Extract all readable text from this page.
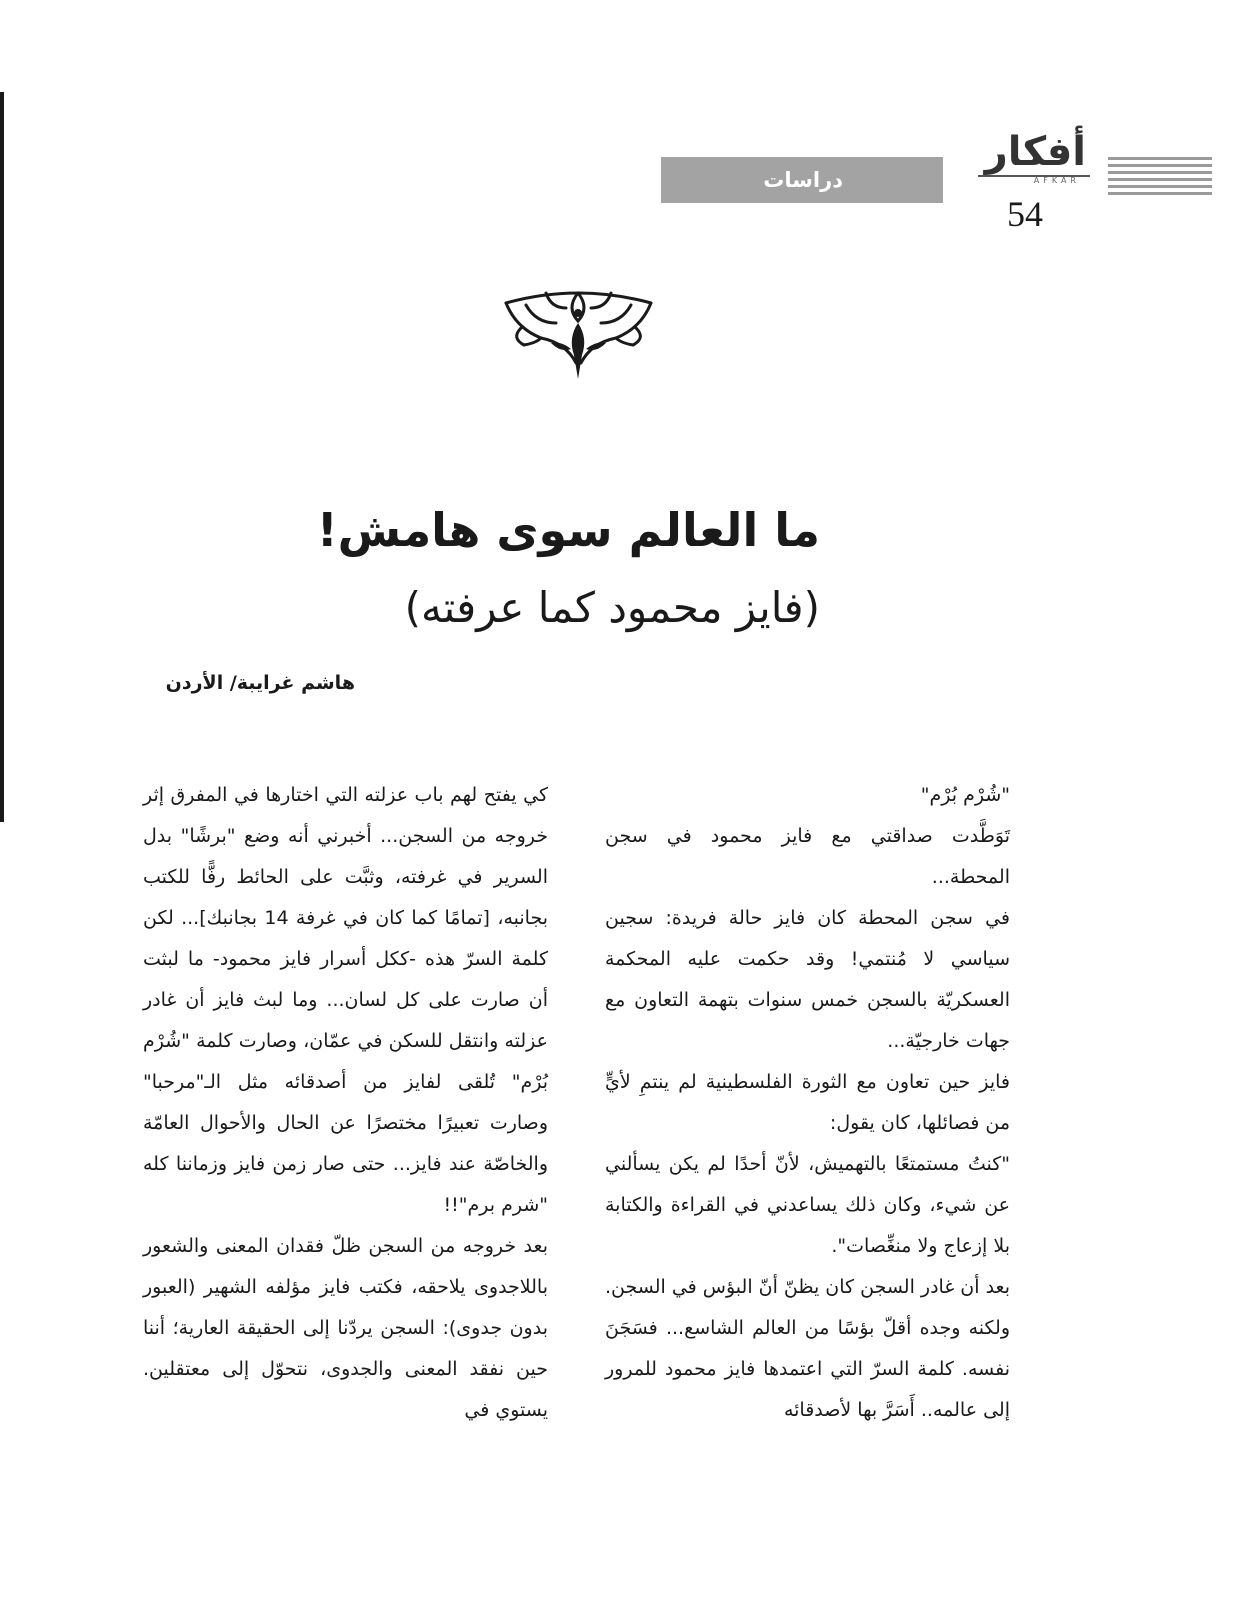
دراسات
أفكار
AFKAR
54
ما العالم سوى هامش!
(فايز محمود كما عرفته)
هاشم غرايبة/ الأردن

"شُرْم بُرْم"

تَوَطَّدت صداقتي مع فايز محمود في سجن المحطة...

في سجن المحطة كان فايز حالة فريدة: سجين سياسي لا مُنتمي! وقد حكمت عليه المحكمة العسكريّة بالسجن خمس سنوات بتهمة التعاون مع جهات خارجيّة...

فايز حين تعاون مع الثورة الفلسطينية لم ينتمِ لأيٍّ من فصائلها، كان يقول:

"كنتُ مستمتعًا بالتهميش، لأنّ أحدًا لم يكن يسألني عن شيء، وكان ذلك يساعدني في القراءة والكتابة بلا إزعاج ولا منغِّصات".

بعد أن غادر السجن كان يظنّ أنّ البؤس في السجن. ولكنه وجده أقلّ بؤسًا من العالم الشاسع... فسَجَنَ نفسه. كلمة السرّ التي اعتمدها فايز محمود للمرور إلى عالمه.. أَسَرَّ بها لأصدقائه

كي يفتح لهم باب عزلته التي اختارها في المفرق إثر خروجه من السجن... أخبرني أنه وضع "برشًا" بدل السرير في غرفته، وثبَّت على الحائط رفًّا للكتب بجانبه، [تمامًا كما كان في غرفة 14 بجانبك]... لكن كلمة السرّ هذه -ككل أسرار فايز محمود- ما لبثت أن صارت على كل لسان... وما لبث فايز أن غادر عزلته وانتقل للسكن في عمّان، وصارت كلمة "شُرْم بُرْم" تُلقى لفايز من أصدقائه مثل الـ"مرحبا" وصارت تعبيرًا مختصرًا عن الحال والأحوال العامّة والخاصّة عند فايز... حتى صار زمن فايز وزماننا كله "شرم برم"!!

بعد خروجه من السجن ظلّ فقدان المعنى والشعور باللاجدوى يلاحقه، فكتب فايز مؤلفه الشهير (العبور بدون جدوى): السجن يردّنا إلى الحقيقة العارية؛ أننا حين نفقد المعنى والجدوى، نتحوّل إلى معتقلين. يستوي في
